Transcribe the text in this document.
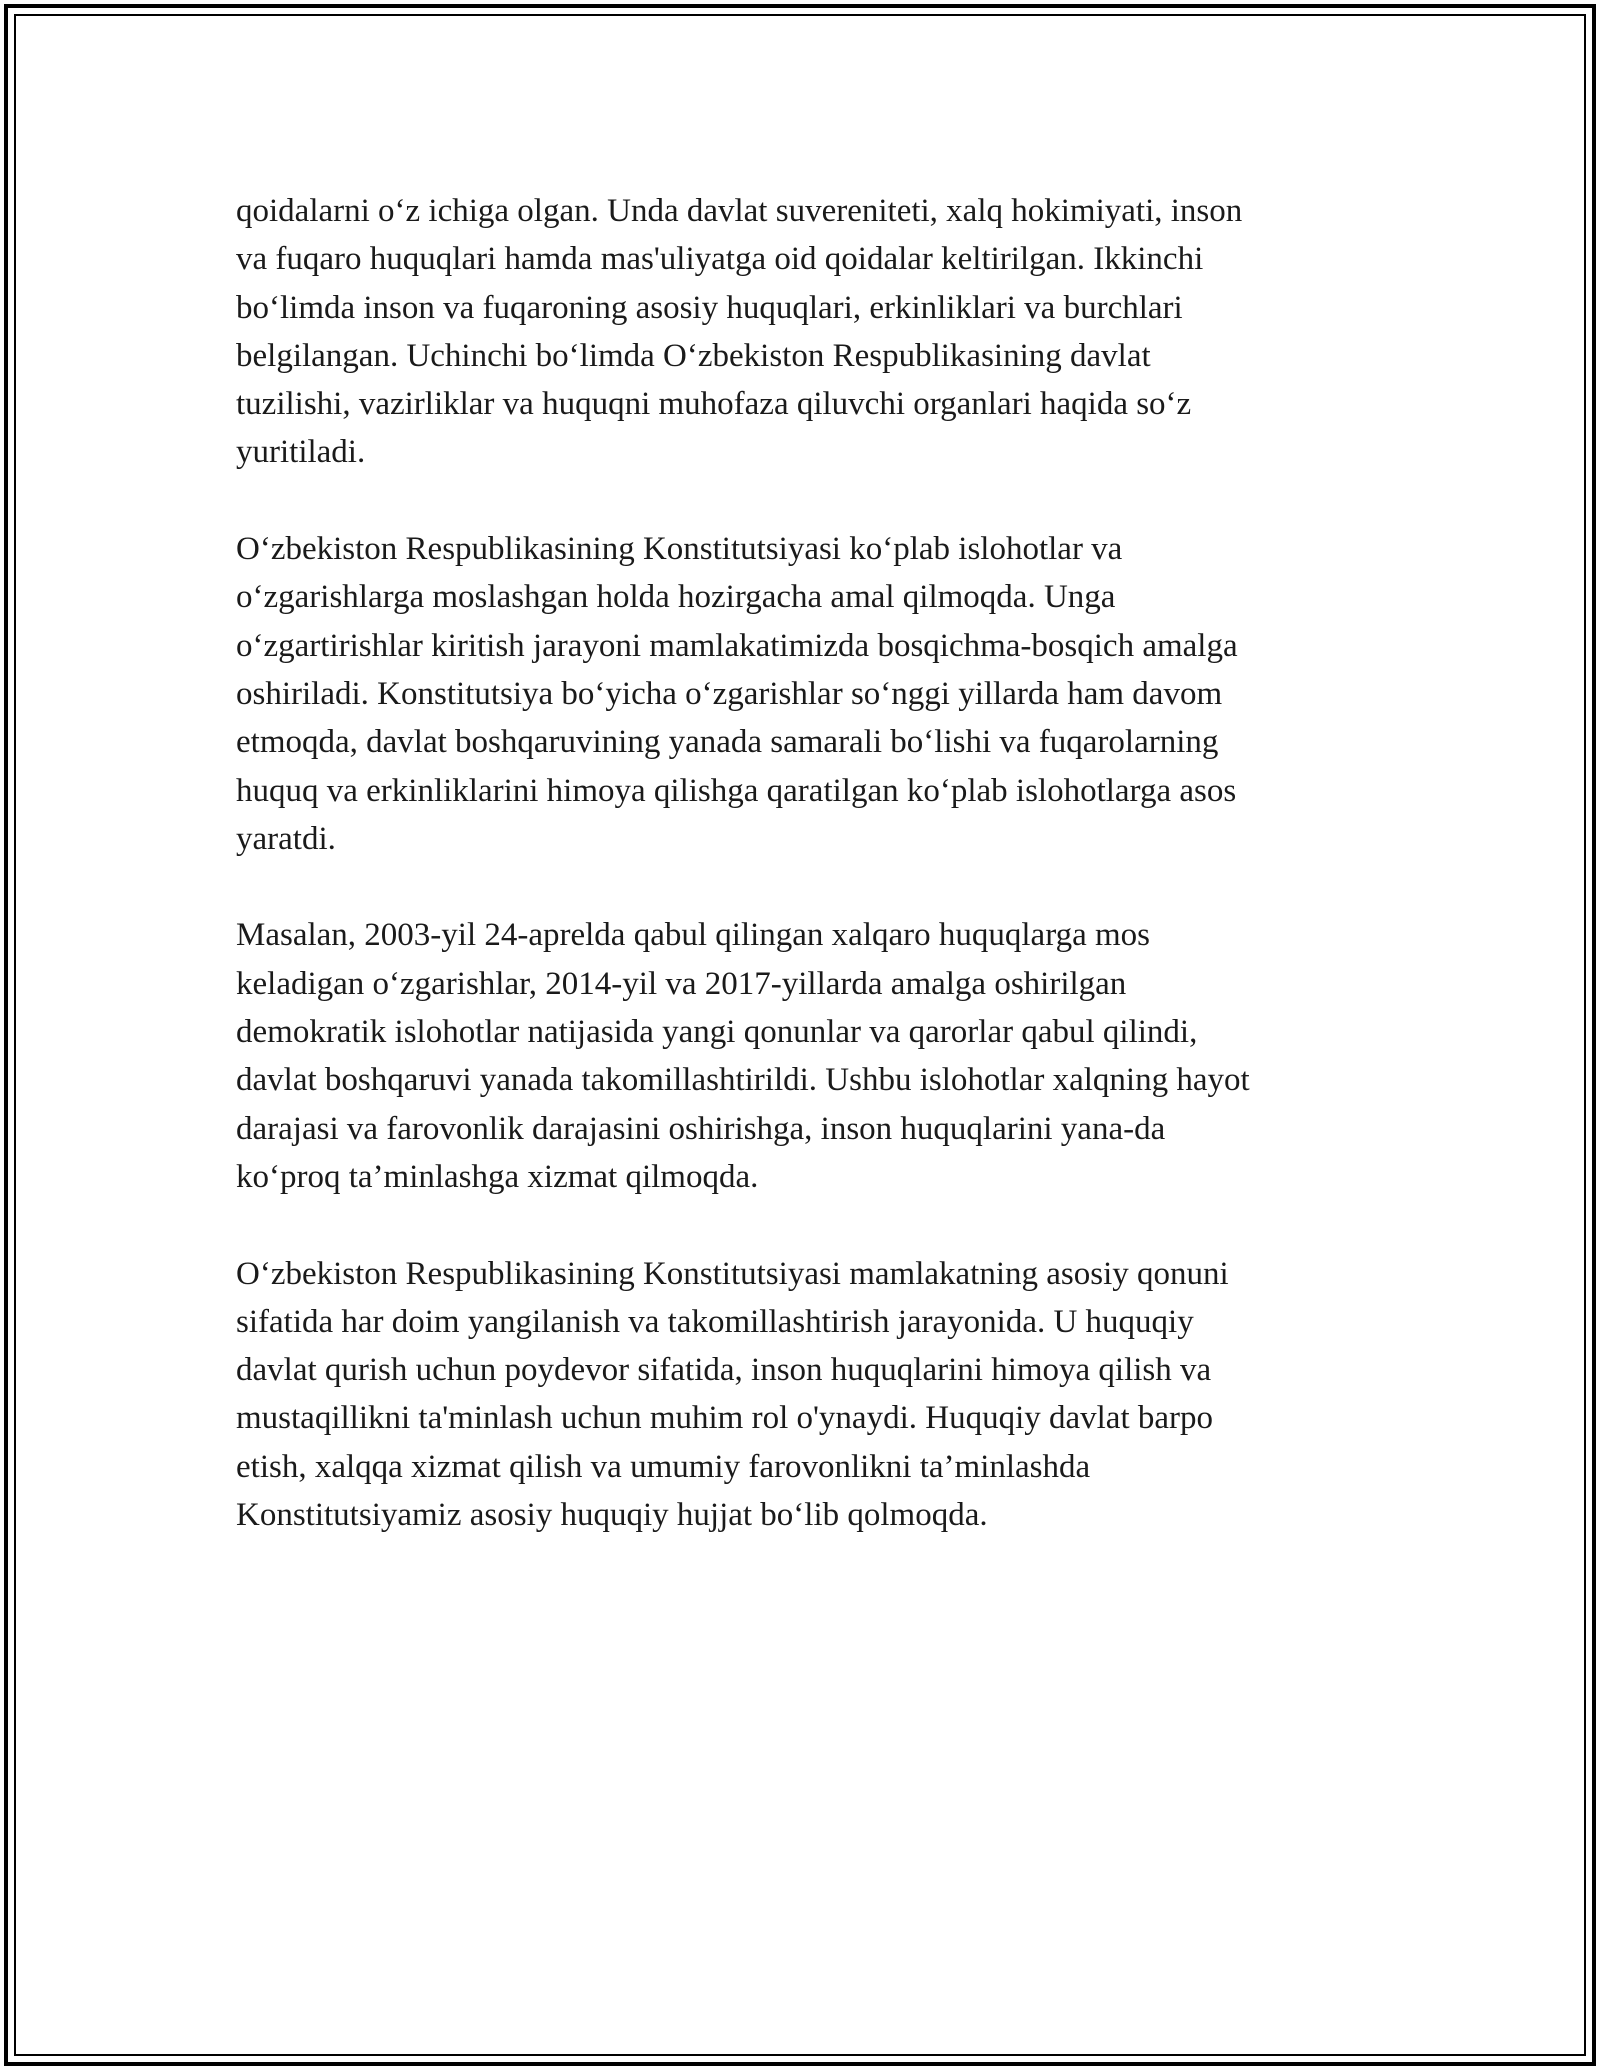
qoidalarni o‘z ichiga olgan. Unda davlat suvereniteti, xalq hokimiyati, inson
va fuqaro huquqlari hamda mas'uliyatga oid qoidalar keltirilgan. Ikkinchi
bo‘limda inson va fuqaroning asosiy huquqlari, erkinliklari va burchlari
belgilangan. Uchinchi bo‘limda O‘zbekiston Respublikasining davlat
tuzilishi, vazirliklar va huquqni muhofaza qiluvchi organlari haqida so‘z
yuritiladi.

O‘zbekiston Respublikasining Konstitutsiyasi ko‘plab islohotlar va
o‘zgarishlarga moslashgan holda hozirgacha amal qilmoqda. Unga
o‘zgartirishlar kiritish jarayoni mamlakatimizda bosqichma-bosqich amalga
oshiriladi. Konstitutsiya bo‘yicha o‘zgarishlar so‘nggi yillarda ham davom
etmoqda, davlat boshqaruvining yanada samarali bo‘lishi va fuqarolarning
huquq va erkinliklarini himoya qilishga qaratilgan ko‘plab islohotlarga asos
yaratdi.

Masalan, 2003-yil 24-aprelda qabul qilingan xalqaro huquqlarga mos
keladigan o‘zgarishlar, 2014-yil va 2017-yillarda amalga oshirilgan
demokratik islohotlar natijasida yangi qonunlar va qarorlar qabul qilindi,
davlat boshqaruvi yanada takomillashtirildi. Ushbu islohotlar xalqning hayot
darajasi va farovonlik darajasini oshirishga, inson huquqlarini yana-da
ko‘proq ta’minlashga xizmat qilmoqda.

O‘zbekiston Respublikasining Konstitutsiyasi mamlakatning asosiy qonuni
sifatida har doim yangilanish va takomillashtirish jarayonida. U huquqiy
davlat qurish uchun poydevor sifatida, inson huquqlarini himoya qilish va
mustaqillikni ta'minlash uchun muhim rol o'ynaydi. Huquqiy davlat barpo
etish, xalqqa xizmat qilish va umumiy farovonlikni ta’minlashda
Konstitutsiyamiz asosiy huquqiy hujjat bo‘lib qolmoqda.
